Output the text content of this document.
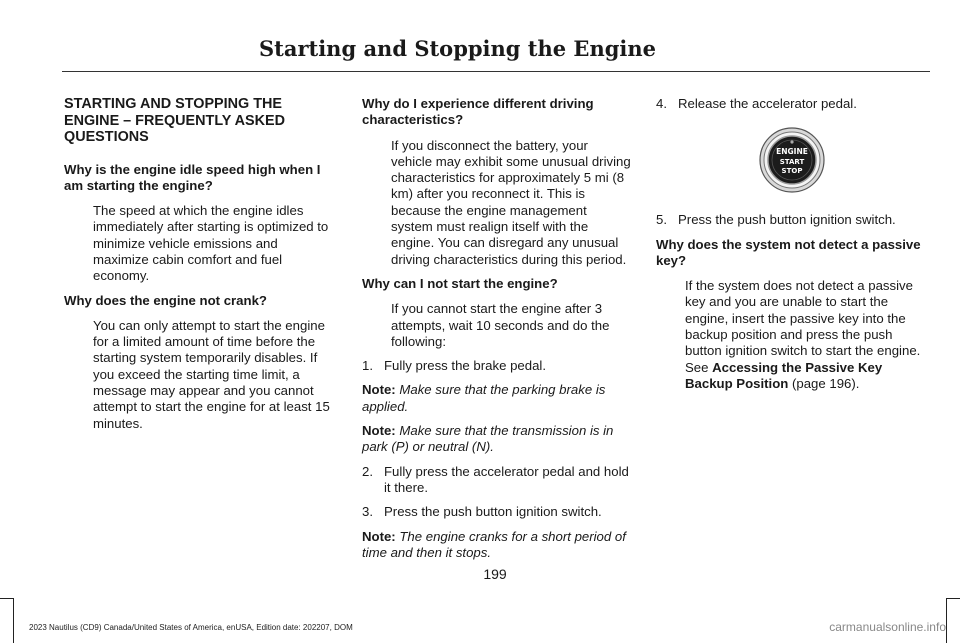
Starting and Stopping the Engine
STARTING AND STOPPING THE ENGINE – FREQUENTLY ASKED QUESTIONS
Why is the engine idle speed high when I am starting the engine?
The speed at which the engine idles immediately after starting is optimized to minimize vehicle emissions and maximize cabin comfort and fuel economy.
Why does the engine not crank?
You can only attempt to start the engine for a limited amount of time before the starting system temporarily disables. If you exceed the starting time limit, a message may appear and you cannot attempt to start the engine for at least 15 minutes.
Why do I experience different driving characteristics?
If you disconnect the battery, your vehicle may exhibit some unusual driving characteristics for approximately 5 mi (8 km) after you reconnect it. This is because the engine management system must realign itself with the engine. You can disregard any unusual driving characteristics during this period.
Why can I not start the engine?
If you cannot start the engine after 3 attempts, wait 10 seconds and do the following:
1. Fully press the brake pedal.
Note: Make sure that the parking brake is applied.
Note: Make sure that the transmission is in park (P) or neutral (N).
2. Fully press the accelerator pedal and hold it there.
3. Press the push button ignition switch.
Note: The engine cranks for a short period of time and then it stops.
4. Release the accelerator pedal.
ENGINE
START
STOP
5. Press the push button ignition switch.
Why does the system not detect a passive key?
If the system does not detect a passive key and you are unable to start the engine, insert the passive key into the backup position and press the push button ignition switch to start the engine. See Accessing the Passive Key Backup Position (page 196).
199
2023 Nautilus (CD9) Canada/United States of America, enUSA, Edition date: 202207, DOM	carmanualsonline.info
